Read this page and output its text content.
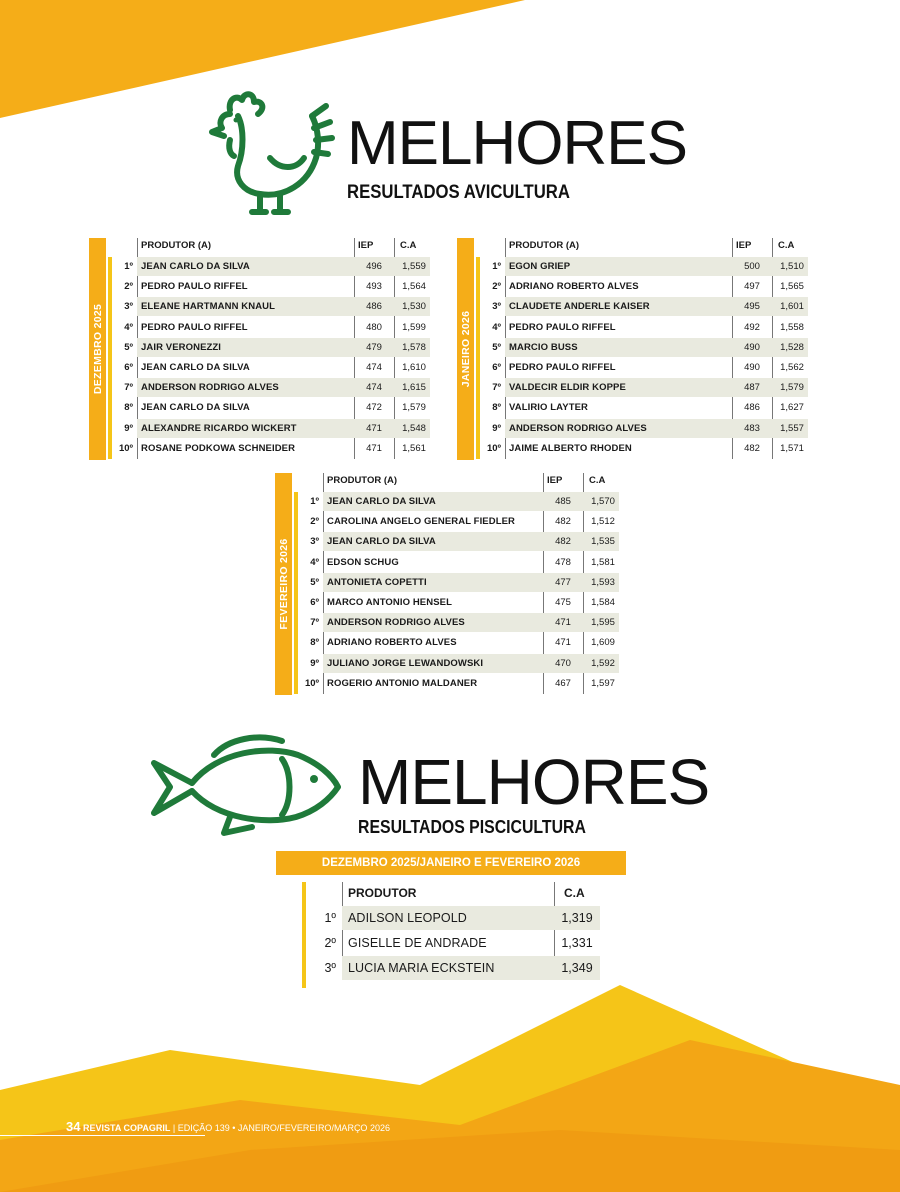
MELHORES
RESULTADOS AVICULTURA
DEZEMBRO 2025
PRODUTOR (A)	IEP	C.A
1º JEAN CARLO DA SILVA	496	1,559
2º PEDRO PAULO RIFFEL	493	1,564
3º ELEANE HARTMANN KNAUL	486	1,530
4º PEDRO PAULO RIFFEL	480	1,599
5º JAIR VERONEZZI	479	1,578
6º JEAN CARLO DA SILVA	474	1,610
7º ANDERSON RODRIGO ALVES	474	1,615
8º JEAN CARLO DA SILVA	472	1,579
9º ALEXANDRE RICARDO WICKERT	471	1,548
10º ROSANE PODKOWA SCHNEIDER	471	1,561
JANEIRO 2026
PRODUTOR (A)	IEP	C.A
1º EGON GRIEP	500	1,510
2º ADRIANO ROBERTO ALVES	497	1,565
3º CLAUDETE ANDERLE KAISER	495	1,601
4º PEDRO PAULO RIFFEL	492	1,558
5º MARCIO BUSS	490	1,528
6º PEDRO PAULO RIFFEL	490	1,562
7º VALDECIR ELDIR KOPPE	487	1,579
8º VALIRIO LAYTER	486	1,627
9º ANDERSON RODRIGO ALVES	483	1,557
10º JAIME ALBERTO RHODEN	482	1,571
FEVEREIRO 2026
PRODUTOR (A)	IEP	C.A
1º JEAN CARLO DA SILVA	485	1,570
2º CAROLINA ANGELO GENERAL FIEDLER	482	1,512
3º JEAN CARLO DA SILVA	482	1,535
4º EDSON SCHUG	478	1,581
5º ANTONIETA COPETTI	477	1,593
6º MARCO ANTONIO HENSEL	475	1,584
7º ANDERSON RODRIGO ALVES	471	1,595
8º ADRIANO ROBERTO ALVES	471	1,609
9º JULIANO JORGE LEWANDOWSKI	470	1,592
10º ROGERIO ANTONIO MALDANER	467	1,597
MELHORES
RESULTADOS PISCICULTURA
DEZEMBRO 2025/JANEIRO E FEVEREIRO 2026
PRODUTOR	C.A
1º ADILSON LEOPOLD	1,319
2º GISELLE DE ANDRADE	1,331
3º LUCIA MARIA ECKSTEIN	1,349
34 REVISTA COPAGRIL | EDIÇÃO 139 • JANEIRO/FEVEREIRO/MARÇO 2026
